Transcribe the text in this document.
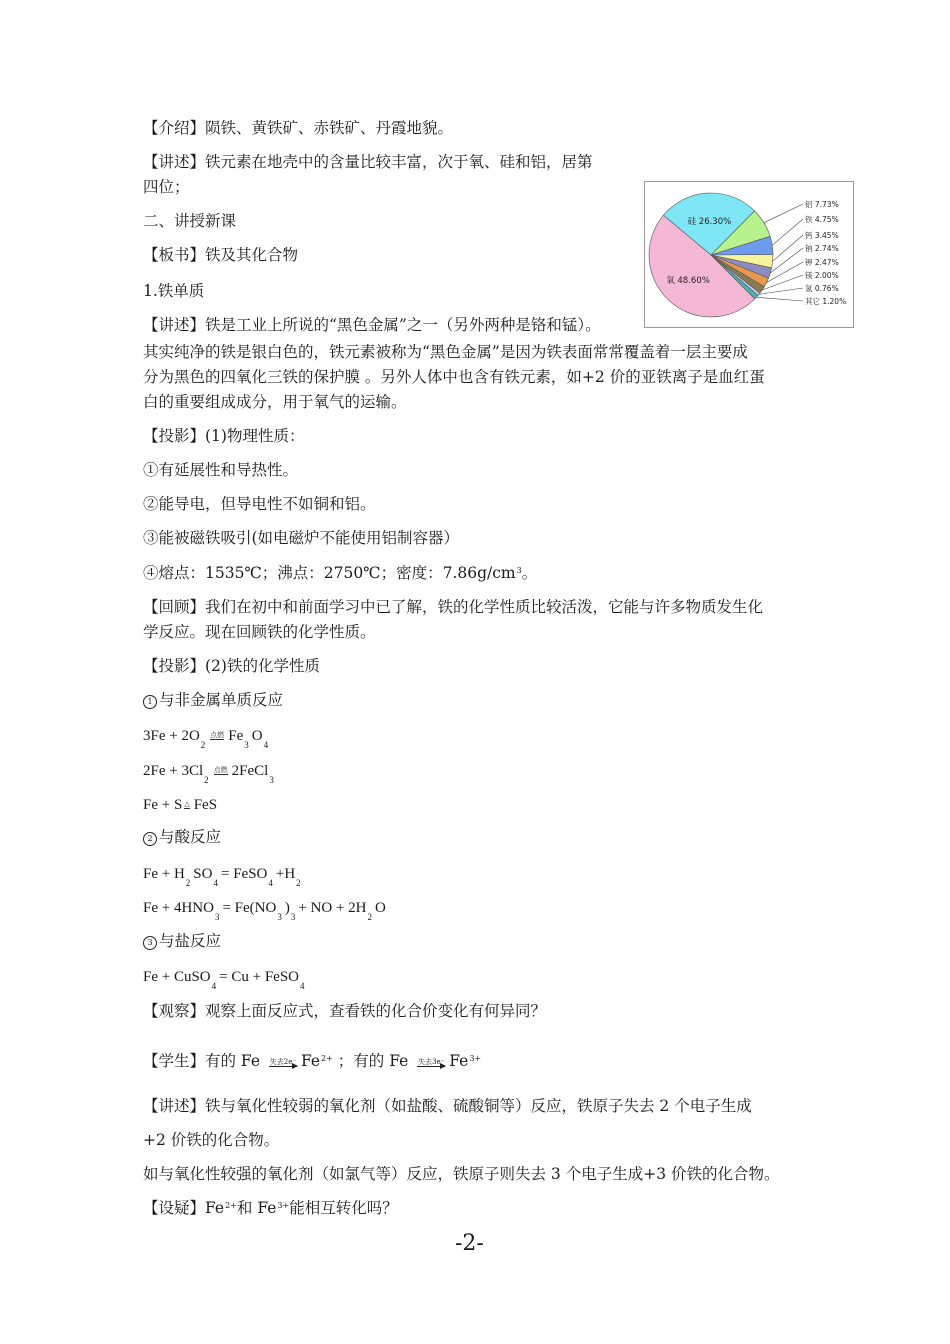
【介绍】陨铁、黄铁矿、赤铁矿、丹霞地貌。
【讲述】铁元素在地壳中的含量比较丰富，次于氧、硅和铝，居第
四位；
二、讲授新课
【板书】铁及其化合物
1.铁单质
【讲述】铁是工业上所说的“黑色金属”之一（另外两种是铬和锰）。
其实纯净的铁是银白色的，铁元素被称为“黑色金属”是因为铁表面常常覆盖着一层主要成
分为黑色的四氧化三铁的保护膜 。另外人体中也含有铁元素，如+2 价的亚铁离子是血红蛋
白的重要组成成分，用于氧气的运输。
【投影】(1)物理性质：
①有延展性和导热性。
②能导电，但导电性不如铜和铝。
③能被磁铁吸引(如电磁炉不能使用铝制容器）
④熔点：1535℃；沸点：2750℃；密度：$7.86g/cm^3$。
【回顾】我们在初中和前面学习中已了解，铁的化学性质比较活泼，它能与许多物质发生化
学反应。现在回顾铁的化学性质。
【投影】(2)铁的化学性质
1 与非金属单质反应
$3Fe + 2O_2$点燃 $Fe_3O_4$
$2Fe + 3Cl_2$点燃 2FeCl$_3$
Fe + S △ FeS
2 与酸反应
$Fe + H_2SO_4=$ $FeSO_4+H_2$
$Fe + 4HNO_3= Fe(NO_3)_3+$ NO + $2H_2O$
3 与盐反应
Fe + CuSO$_4$= Cu + FeSO$_4$
【观察】观察上面反应式，查看铁的化合价变化有何异同？
【学生】有的 Fe 失去2e⁻ $Fe^{2+}$ ；有的 Fe 失去3e⁻ $Fe^{3+}$
【讲述】铁与氧化性较弱的氧化剂（如盐酸、硫酸铜等）反应，铁原子失去 2 个电子生成
+2 价铁的化合物。
如与氧化性较强的氧化剂（如氯气等）反应，铁原子则失去 3 个电子生成+3 价铁的化合物。
【设疑】$Fe^{2+}$和 $Fe^{3+}$能相互转化吗？
氧 48.60%
硅 26.30%
铝 7.73%
铁 4.75%
钙 3.45%
钠 2.74%
钾 2.47%
镁 2.00%
氢 0.76%
其它 1.20%
-2-
